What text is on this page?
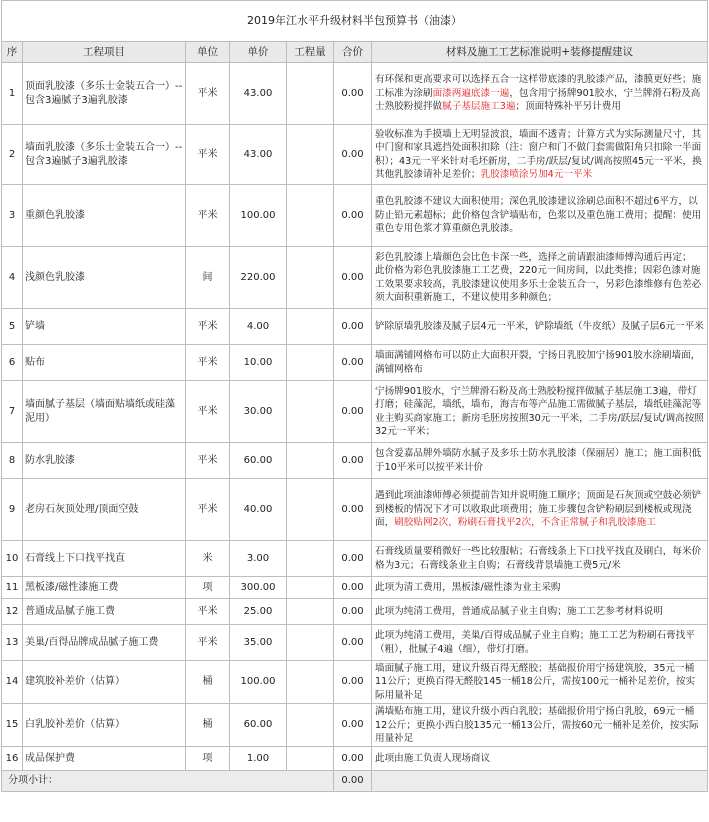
2019年江水平升级材料半包预算书（油漆）						
序	工程项目	单位	单价	工程量	合价	材料及施工工艺标准说明+装修提醒建议
1	顶面乳胶漆（多乐士金装五合一）--包含3遍腻子3遍乳胶漆	平米	43.00		0.00	有环保和更高要求可以选择五合一这样带底漆的乳胶漆产品，漆膜更好些；施工标准为涂刷面漆两遍底漆一遍，包含用宁扬牌901胶水，宁兰牌滑石粉及高士熟胶粉搅拌做腻子基层施工3遍；顶面特殊补平另计费用
2	墙面乳胶漆（多乐士金装五合一）--包含3遍腻子3遍乳胶漆	平米	43.00		0.00	验收标准为手摸墙上无明显波浪，墙面不透青；计算方式为实际测量尺寸，其中门窗和家具遮挡处面积扣除（注：窗户和门不做门套需做阳角只扣除一半面积）；43元一平米针对毛坯新房，二手房/跃层/复试/调高按照45元一平米，换其他乳胶漆请补足差价；乳胶漆喷涂另加4元一平米
3	重颜色乳胶漆	平米	100.00		0.00	重色乳胶漆不建议大面积使用；深色乳胶漆建议涂刷总面积不超过6平方，以防止铅元素超标；此价格包含铲墙贴布，色浆以及重色施工费用；提醒：使用重色专用色浆才算重颜色乳胶漆。
4	浅颜色乳胶漆	间	220.00		0.00	彩色乳胶漆上墙颜色会比色卡深一些，选择之前请跟油漆师傅沟通后再定； 此价格为彩色乳胶漆施工工艺费，220元一间房间，以此类推；因彩色漆对施工效果要求较高，乳胶漆建议使用多乐士金装五合一，另彩色漆维修有色差必须大面积重新施工，不建议使用多种颜色；
5	铲墙	平米	4.00		0.00	铲除原墙乳胶漆及腻子层4元一平米，铲除墙纸（牛皮纸）及腻子层6元一平米
6	贴布	平米	10.00		0.00	墙面满铺网格布可以防止大面积开裂，宁扬日乳胶加宁扬901胶水涂刷墙面，满铺网格布
7	墙面腻子基层（墙面贴墙纸或硅藻泥用）	平米	30.00		0.00	宁扬牌901胶水，宁兰牌滑石粉及高士熟胶粉搅拌做腻子基层施工3遍，带灯打磨；硅藻泥，墙纸，墙布，海吉布等产品施工需做腻子基层，墙纸硅藻泥等业主购买商家施工；新房毛胚房按照30元一平米，二手房/跃层/复试/调高按照32元一平米；
8	防水乳胶漆	平米	60.00		0.00	包含爱嘉品牌外墙防水腻子及多乐士防水乳胶漆（保丽居）施工；施工面积低于10平米可以按平米计价
9	老房石灰顶处理/顶面空鼓	平米	40.00		0.00	遇到此项油漆师傅必须提前告知并说明施工顺序；顶面是石灰顶或空鼓必须铲到楼板的情况下才可以收取此项费用；施工步骤包含铲粉刷层到楼板或现浇面，刷胶贴网2次，粉刷石膏找平2次，不含正常腻子和乳胶漆施工
10	石膏线上下口找平找直	米	3.00		0.00	石膏线质量要稍微好一些比较服帖；石膏线条上下口找平找直及刷白，每米价格为3元；石膏线条业主自购；石膏线背景墙施工费5元/米
11	黑板漆/磁性漆施工费	项	300.00		0.00	此项为清工费用，黑板漆/磁性漆为业主采购
12	普通成品腻子施工费	平米	25.00		0.00	此项为纯清工费用，普通成品腻子业主自购；施工工艺参考材料说明
13	美巢/百得品牌成品腻子施工费	平米	35.00		0.00	此项为纯清工费用，美巢/百得成品腻子业主自购；施工工艺为粉刷石膏找平（粗），批腻子4遍（细），带灯打磨。
14	建筑胶补差价（估算）	桶	100.00		0.00	墙面腻子施工用，建议升级百得无醛胶；基础报价用宁扬建筑胶，35元一桶11公斤；更换百得无醛胶145一桶18公斤，需按100元一桶补足差价，按实际用量补足
15	白乳胶补差价（估算）	桶	60.00		0.00	满墙贴布施工用，建议升级小西白乳胶；基础报价用宁扬白乳胶，69元一桶12公斤；更换小西白胶135元一桶13公斤，需按60元一桶补足差价，按实际用量补足
16	成品保护费	项	1.00		0.00	此项由施工负责人现场商议
分项小计：					0.00	
